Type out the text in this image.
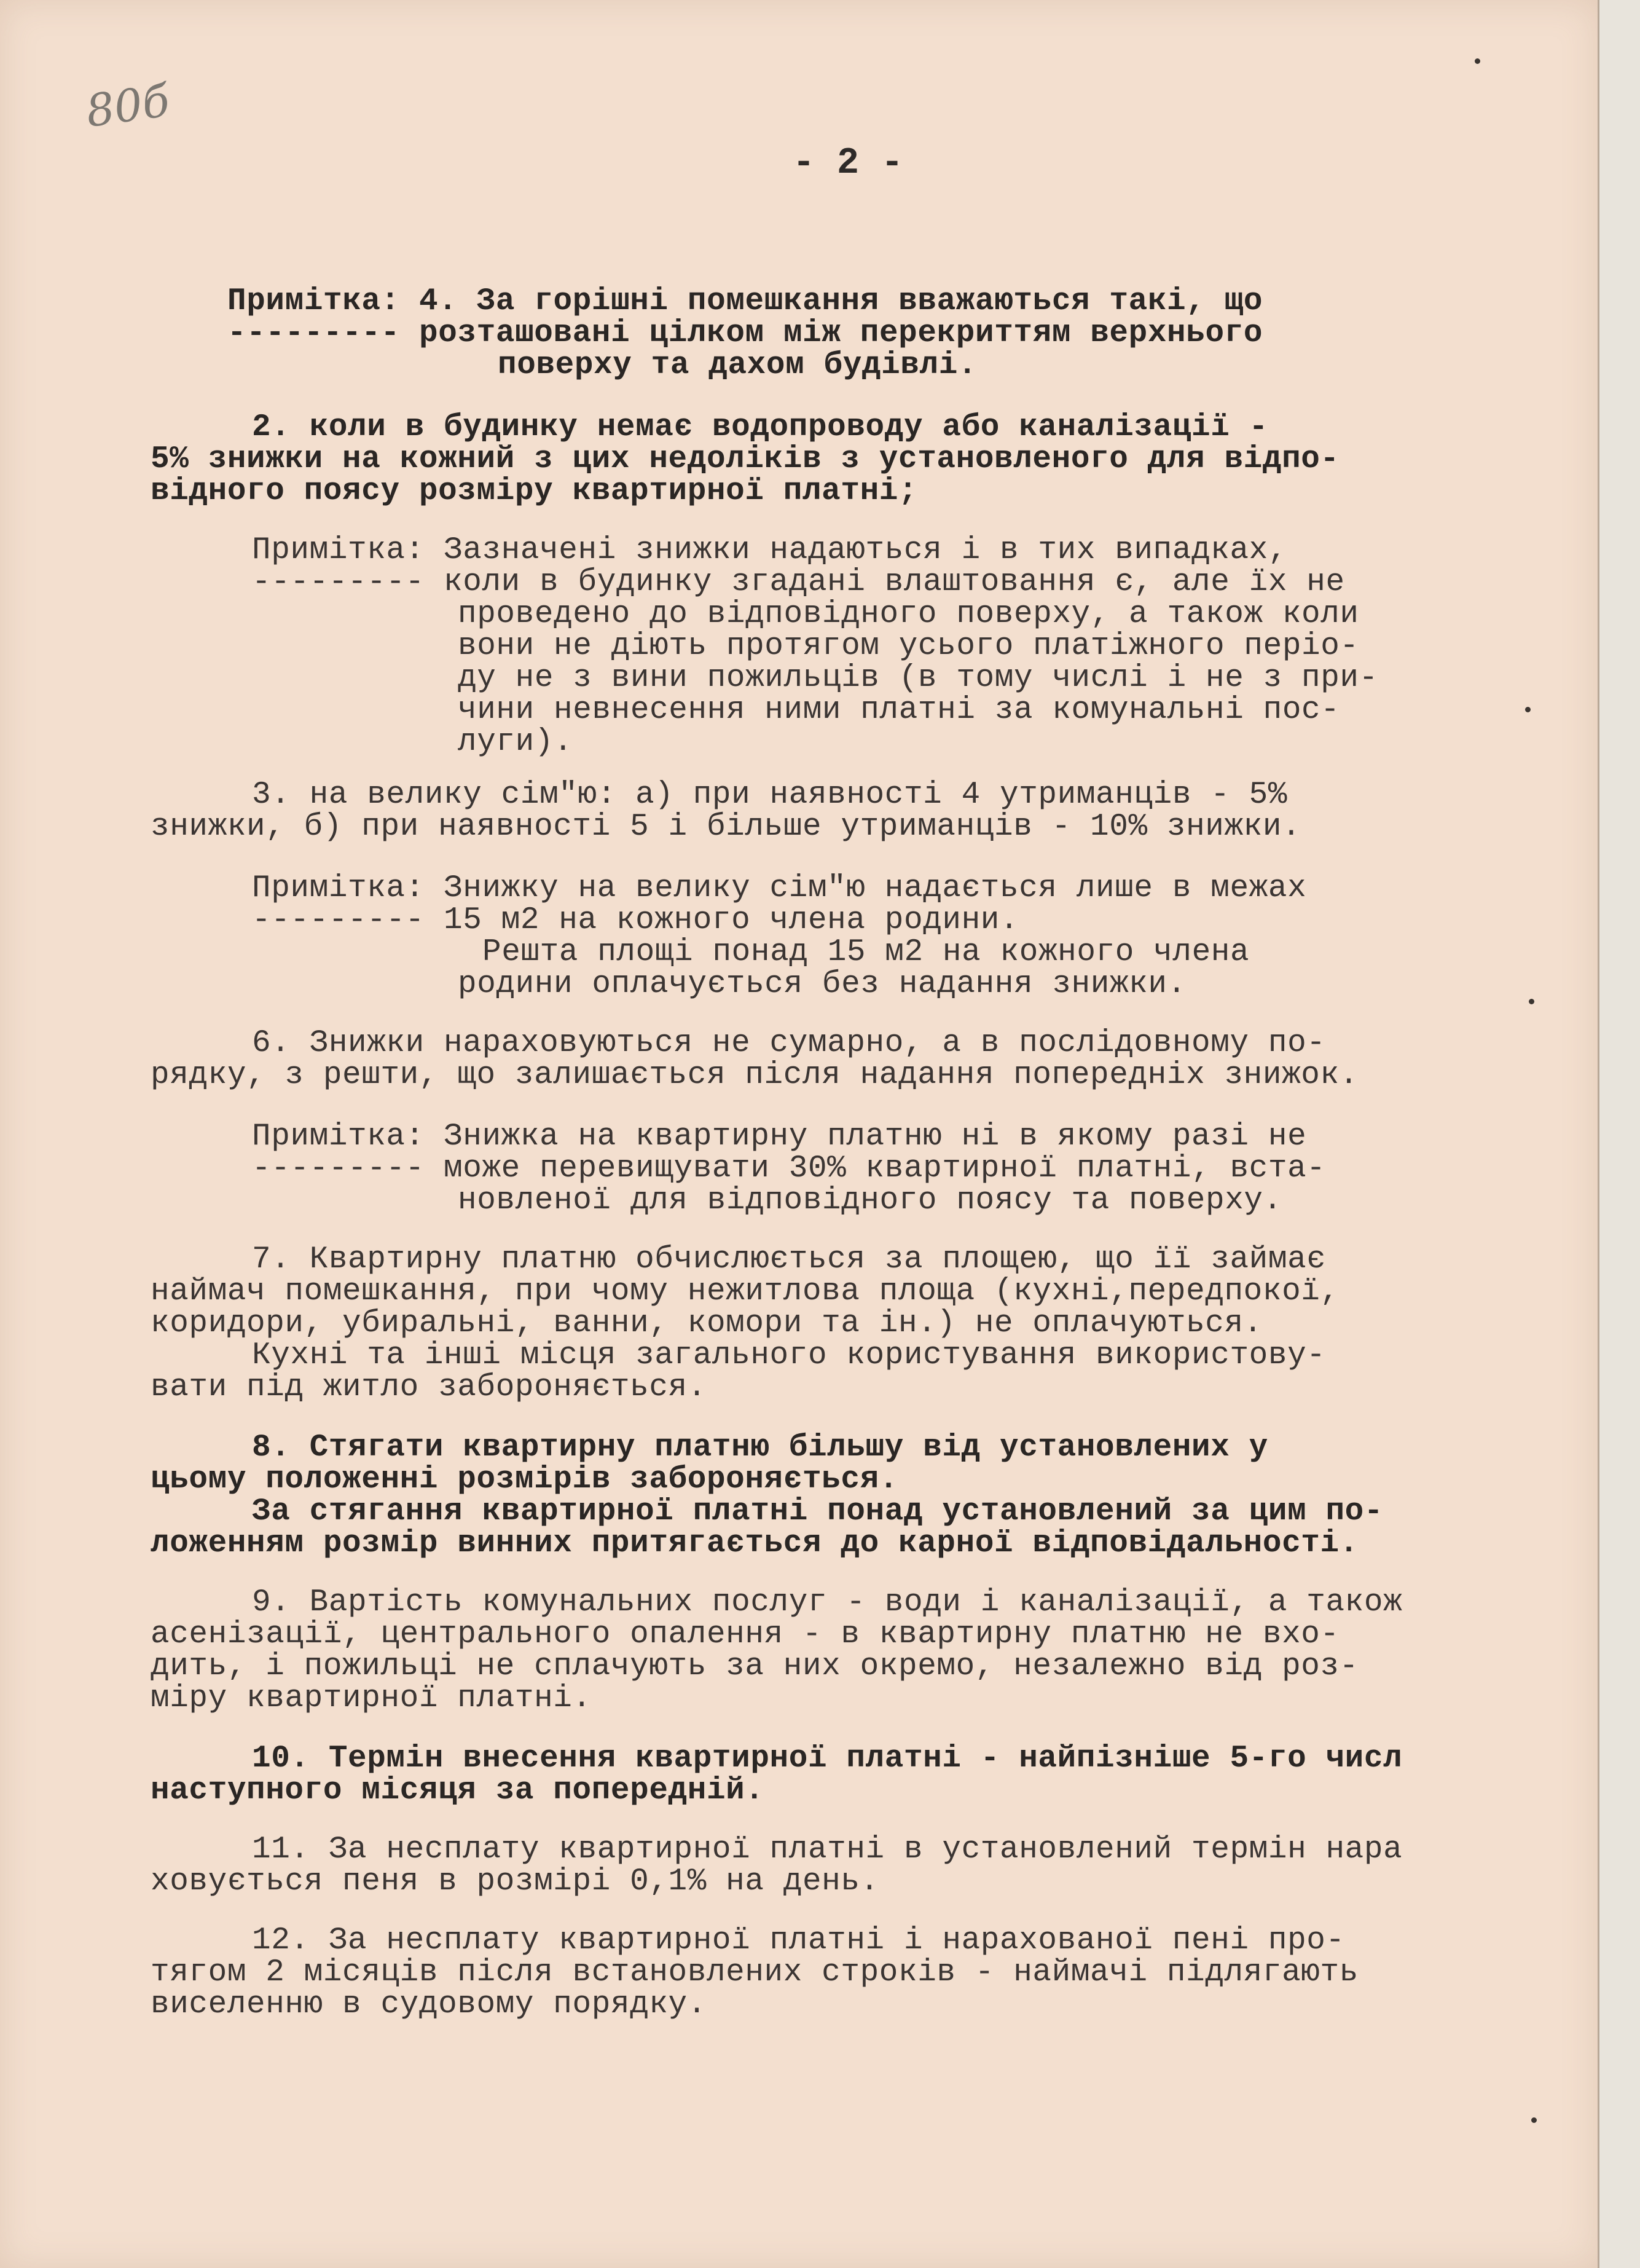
80б
- 2 -
Примітка: 4. За горішні помешкання вважаються такі, що
--------- розташовані цілком між перекриттям верхнього
поверху та дахом будівлі.
2. коли в будинку немає водопроводу або каналізації -
5% знижки на кожний з цих недоліків з установленого для відпо-
відного поясу розміру квартирної платні;
Примітка: Зазначені знижки надаються і в тих випадках,
--------- коли в будинку згадані влаштовання є, але їх не
проведено до відповідного поверху, а також коли
вони не діють протягом усього платіжного періо-
ду не з вини пожильців (в тому числі і не з при-
чини невнесення ними платні за комунальні пос-
луги).
3. на велику сім"ю: а) при наявності 4 утриманців - 5%
знижки, б) при наявності 5 і більше утриманців - 10% знижки.
Примітка: Знижку на велику сім"ю надається лише в межах
--------- 15 м2 на кожного члена родини.
Решта площі понад 15 м2 на кожного члена
родини оплачується без надання знижки.
6. Знижки нараховуються не сумарно, а в послідовному по-
рядку, з решти, що залишається після надання попередніх знижок.
Примітка: Знижка на квартирну платню ні в якому разі не
--------- може перевищувати 30% квартирної платні, вста-
новленої для відповідного поясу та поверху.
7. Квартирну платню обчислюється за площею, що її займає
наймач помешкання, при чому нежитлова площа (кухні,передпокої,
коридори, убиральні, ванни, комори та ін.) не оплачуються.
Кухні та інші місця загального користування використову-
вати під житло забороняється.
8. Стягати квартирну платню більшу від установлених у
цьому положенні розмірів забороняється.
За стягання квартирної платні понад установлений за цим по-
ложенням розмір винних притягається до карної відповідальності.
9. Вартість комунальних послуг - води і каналізації, а також
асенізації, центрального опалення - в квартирну платню не вхо-
дить, і пожильці не сплачують за них окремо, незалежно від роз-
міру квартирної платні.
10. Термін внесення квартирної платні - найпізніше 5-го числ
наступного місяця за попередній.
11. За несплату квартирної платні в установлений термін нара
ховується пеня в розмірі 0,1% на день.
12. За несплату квартирної платні і нарахованої пені про-
тягом 2 місяців після встановлених строків - наймачі підлягають
виселенню в судовому порядку.
